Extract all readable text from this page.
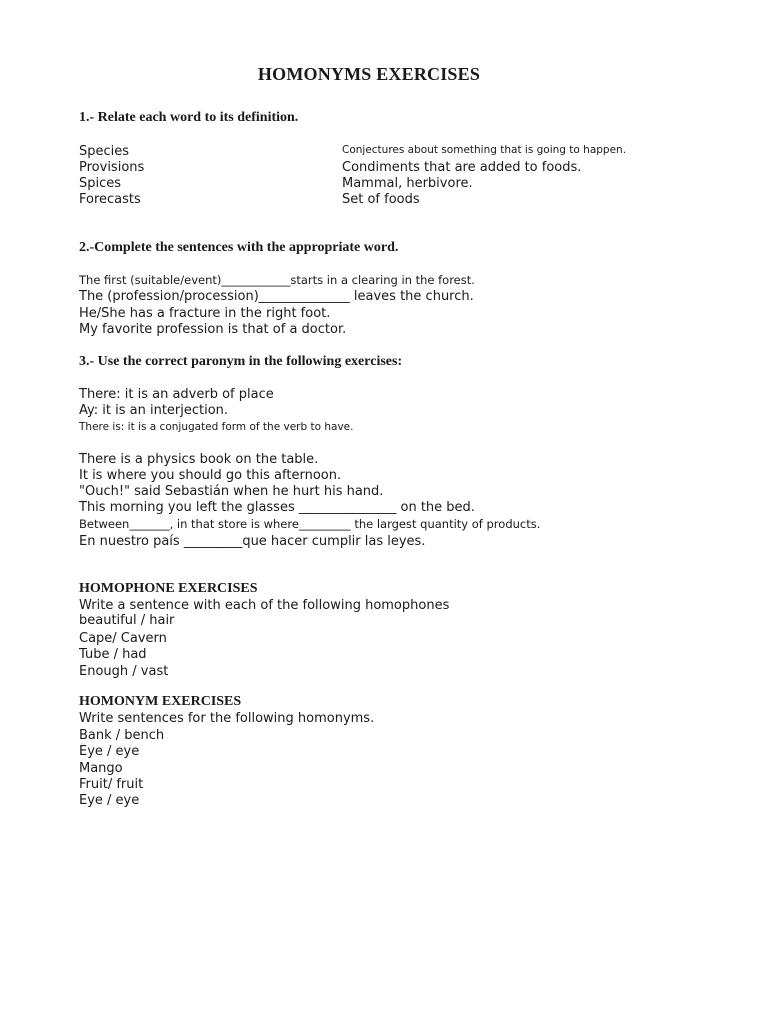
HOMONYMS EXERCISES
1.- Relate each word to its definition.
Species
Provisions
Spices
Forecasts
Conjectures about something that is going to happen.
Condiments that are added to foods.
Mammal, herbivore.
Set of foods
2.-Complete the sentences with the appropriate word.
The first (suitable/event)____________starts in a clearing in the forest.
The (profession/procession)______________ leaves the church.
He/She has a fracture in the right foot.
My favorite profession is that of a doctor.
3.- Use the correct paronym in the following exercises:
There: it is an adverb of place
Ay: it is an interjection.
There is: it is a conjugated form of the verb to have.
There is a physics book on the table.
It is where you should go this afternoon.
"Ouch!" said Sebastián when he hurt his hand.
This morning you left the glasses _______________ on the bed.
Between_______, in that store is where_________ the largest quantity of products.
En nuestro país _________que hacer cumplir las leyes.
HOMOPHONE EXERCISES
Write a sentence with each of the following homophones
beautiful / hair
Cape/ Cavern
Tube / had
Enough / vast
HOMONYM EXERCISES
Write sentences for the following homonyms.
Bank / bench
Eye / eye
Mango
Fruit/ fruit
Eye / eye
